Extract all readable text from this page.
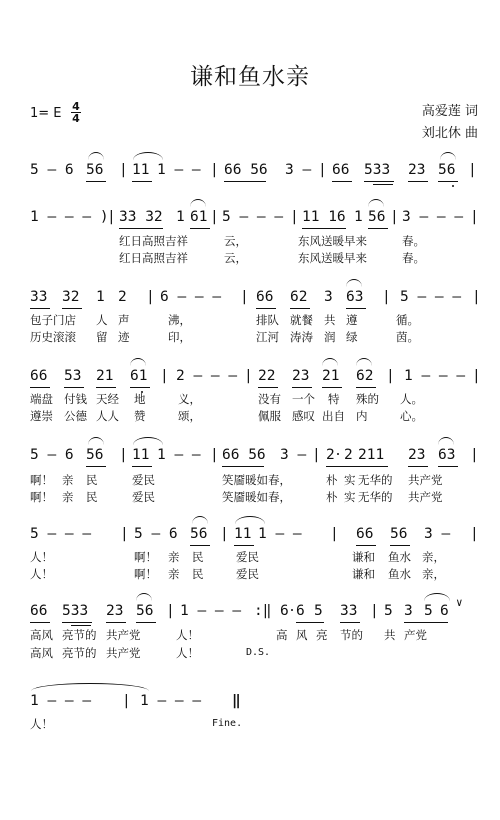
谦和鱼水亲
1= E 4
4	高爱莲 词
刘北休 曲
5 – 6 56 | 11 1 – – | 66 56 3 – | 66 533 23 56 |
1 – – – )
| 33 32 1 61 | 5 – – – | 11 16 1 56 | 3 – – – |
红日高照吉祥	云，	东风送暖早来	春。
红日高照吉祥	云，	东风送暖早来	春。
33 32 1 2 | 6 – – – | 66 62 3 63 | 5 – – – |
包子门店 人 声	沸，	排队 就餐 共 遵	循。
历史滚滚 留 迹	印，	江河 涛涛 润 绿	茵。
66 53 21 61 | 2 – – – | 22 23 21 62 | 1 – – – |
端盘 付钱 天经 地	义，	没有 一个 特 殊的 人。
遵崇 公德 人人 赞	颂，	佩服 感叹 出自 内	心。
5 – 6 56 | 11 1 – – | 66 56 3 – | 2 2 211 23 63 |
啊！ 亲 民	爱民	笑靥暖如春，	朴 实 无华的 共产党
啊！ 亲 民	爱民	笑靥暖如春，	朴 实 无华的 共产党
5 – – – | 5 – 6 56 | 11 1 – – | 66 56 3 – |
人！	啊！ 亲 民	爱民	谦和 鱼水 亲，
人！	啊！ 亲 民	爱民	谦和 鱼水 亲，
66 533 23 56 | 1 – – – :‖ 6 6 5 33 | 5 3 5 6
∨
高风 亮节的 共产党	人！	高 风 亮 节的 共 产党
高风 亮节的 共产党	人！	D.S.
1 – – – | 1 – – – ‖
人！	Fine.
